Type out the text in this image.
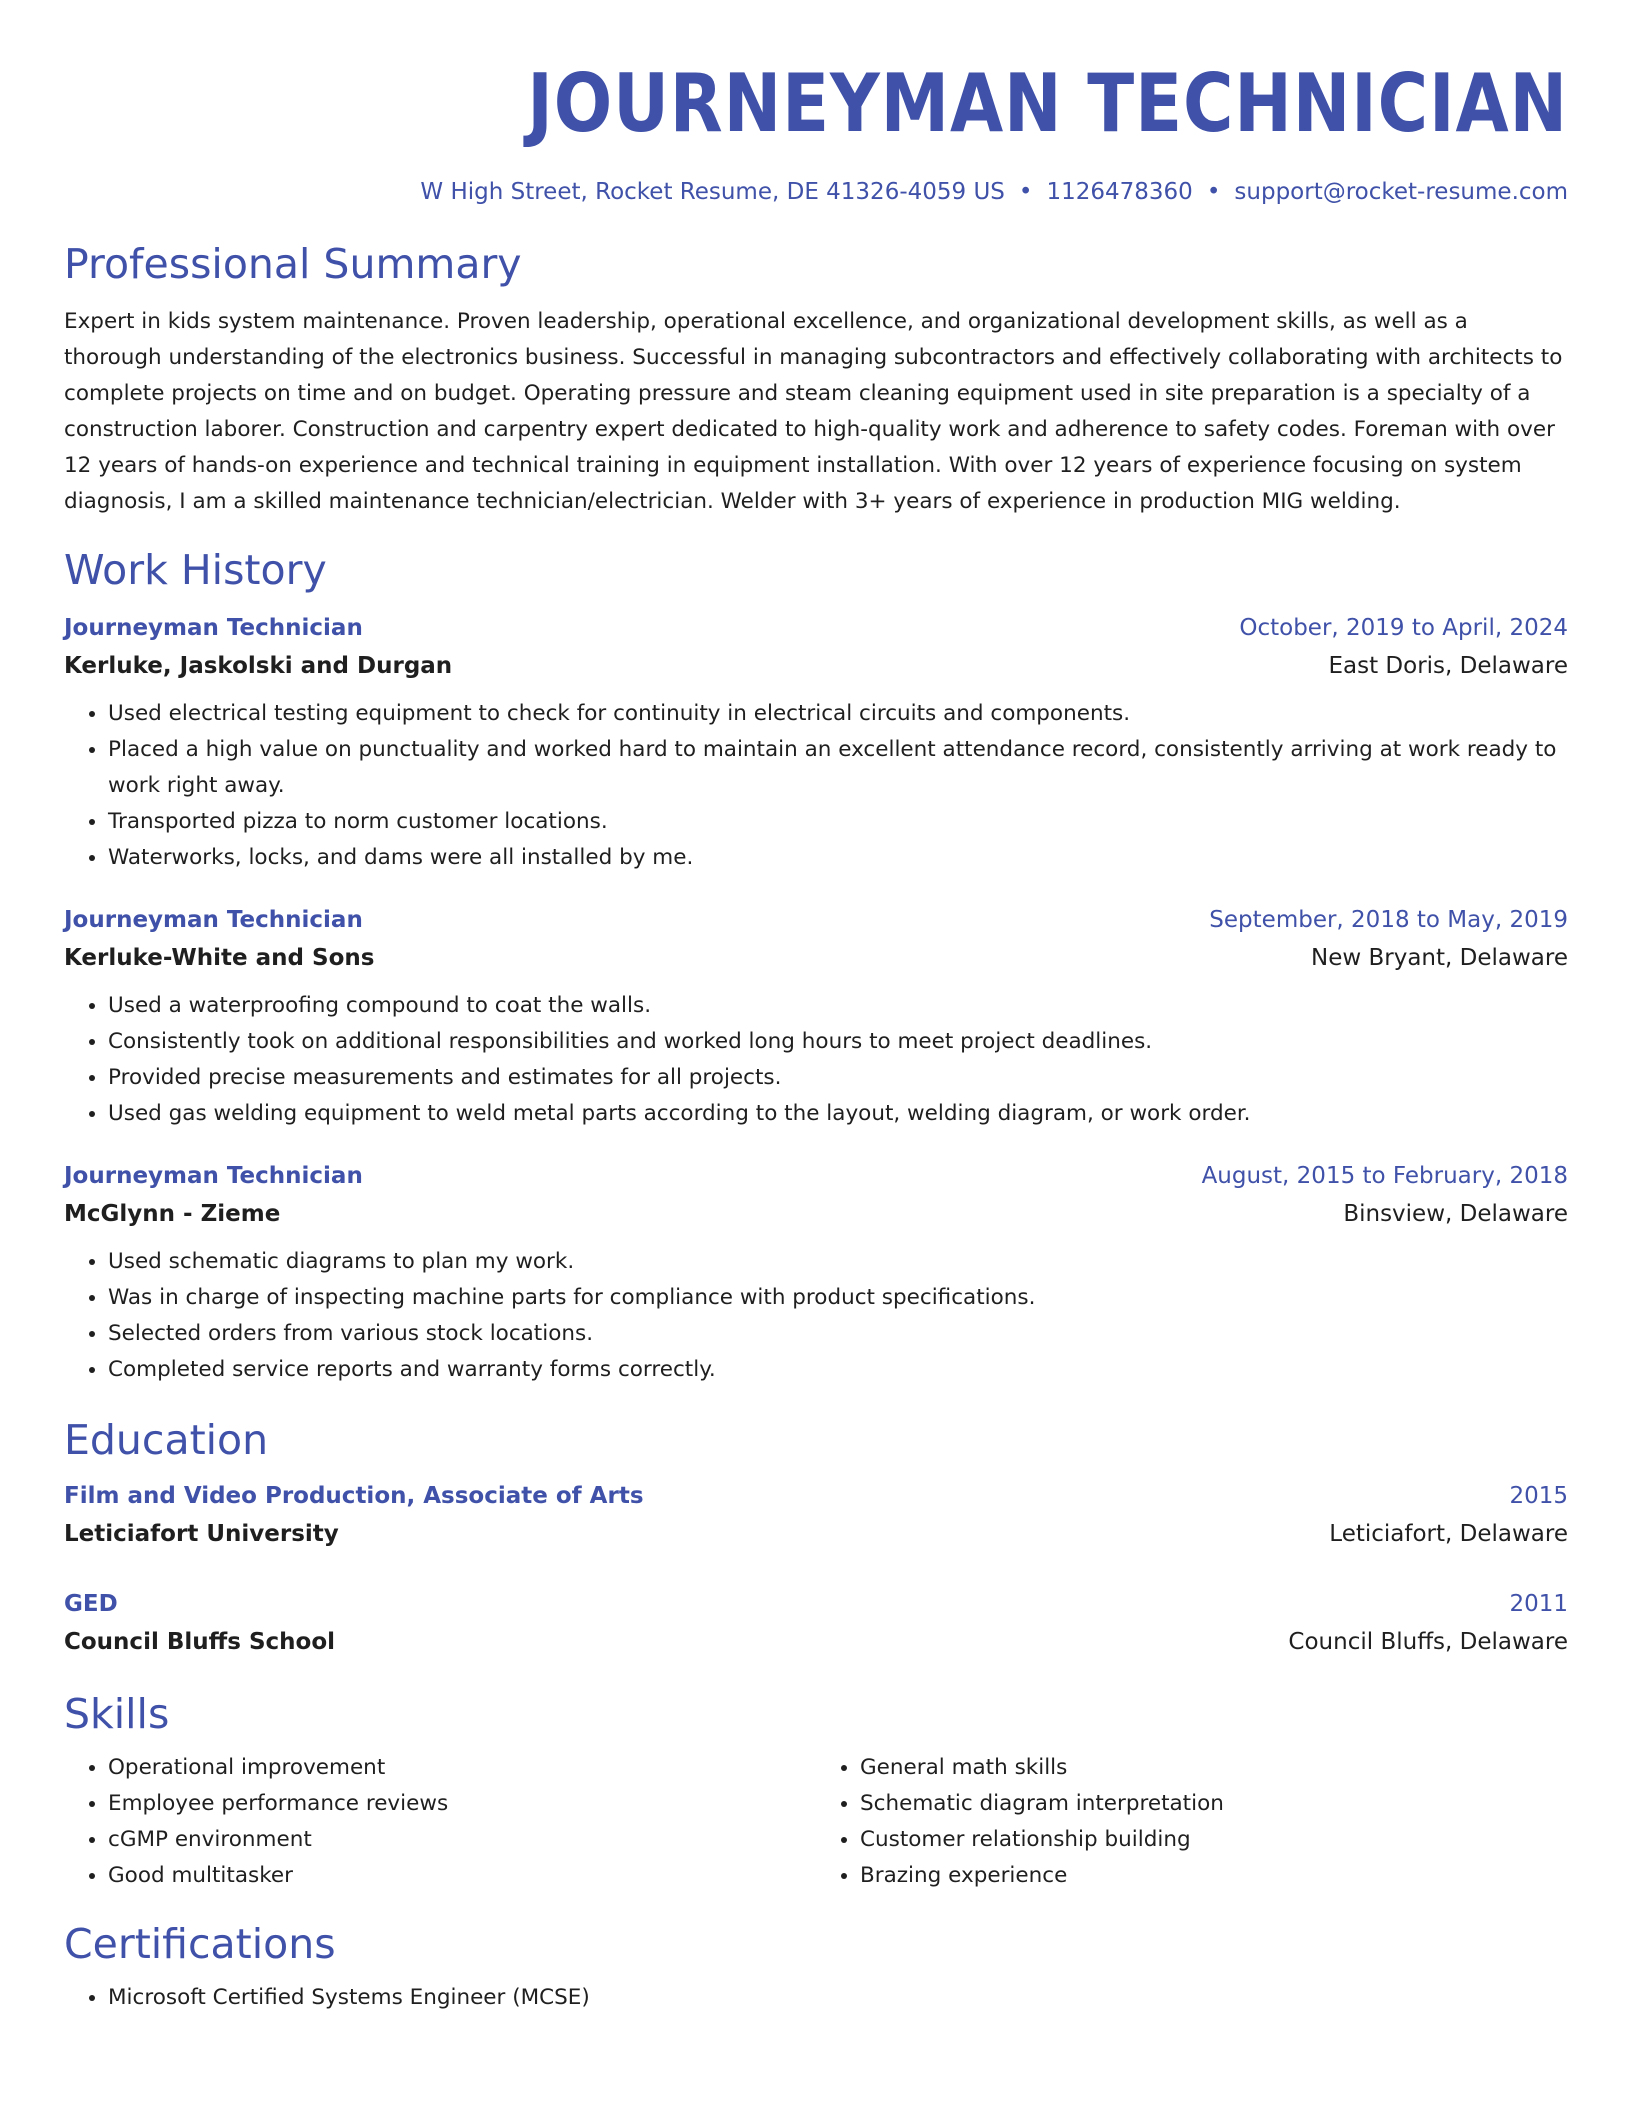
JOURNEYMAN TECHNICIAN
W High Street, Rocket Resume, DE 41326-4059 US • 1126478360 • support@rocket-resume.com
Professional Summary
Expert in kids system maintenance. Proven leadership, operational excellence, and organizational development skills, as well as a thorough understanding of the electronics business. Successful in managing subcontractors and effectively collaborating with architects to complete projects on time and on budget. Operating pressure and steam cleaning equipment used in site preparation is a specialty of a construction laborer. Construction and carpentry expert dedicated to high-quality work and adherence to safety codes. Foreman with over 12 years of hands-on experience and technical training in equipment installation. With over 12 years of experience focusing on system diagnosis, I am a skilled maintenance technician/electrician. Welder with 3+ years of experience in production MIG welding.
Work History
Journeyman Technician	October, 2019 to April, 2024
Kerluke, Jaskolski and Durgan	East Doris, Delaware
• Used electrical testing equipment to check for continuity in electrical circuits and components.
• Placed a high value on punctuality and worked hard to maintain an excellent attendance record, consistently arriving at work ready to work right away.
• Transported pizza to norm customer locations.
• Waterworks, locks, and dams were all installed by me.
Journeyman Technician	September, 2018 to May, 2019
Kerluke-White and Sons	New Bryant, Delaware
• Used a waterproofing compound to coat the walls.
• Consistently took on additional responsibilities and worked long hours to meet project deadlines.
• Provided precise measurements and estimates for all projects.
• Used gas welding equipment to weld metal parts according to the layout, welding diagram, or work order.
Journeyman Technician	August, 2015 to February, 2018
McGlynn - Zieme	Binsview, Delaware
• Used schematic diagrams to plan my work.
• Was in charge of inspecting machine parts for compliance with product specifications.
• Selected orders from various stock locations.
• Completed service reports and warranty forms correctly.
Education
Film and Video Production, Associate of Arts	2015
Leticiafort University	Leticiafort, Delaware
GED	2011
Council Bluffs School	Council Bluffs, Delaware
Skills
• Operational improvement
• Employee performance reviews
• cGMP environment
• Good multitasker
• General math skills
• Schematic diagram interpretation
• Customer relationship building
• Brazing experience
Certifications
• Microsoft Certified Systems Engineer (MCSE)
